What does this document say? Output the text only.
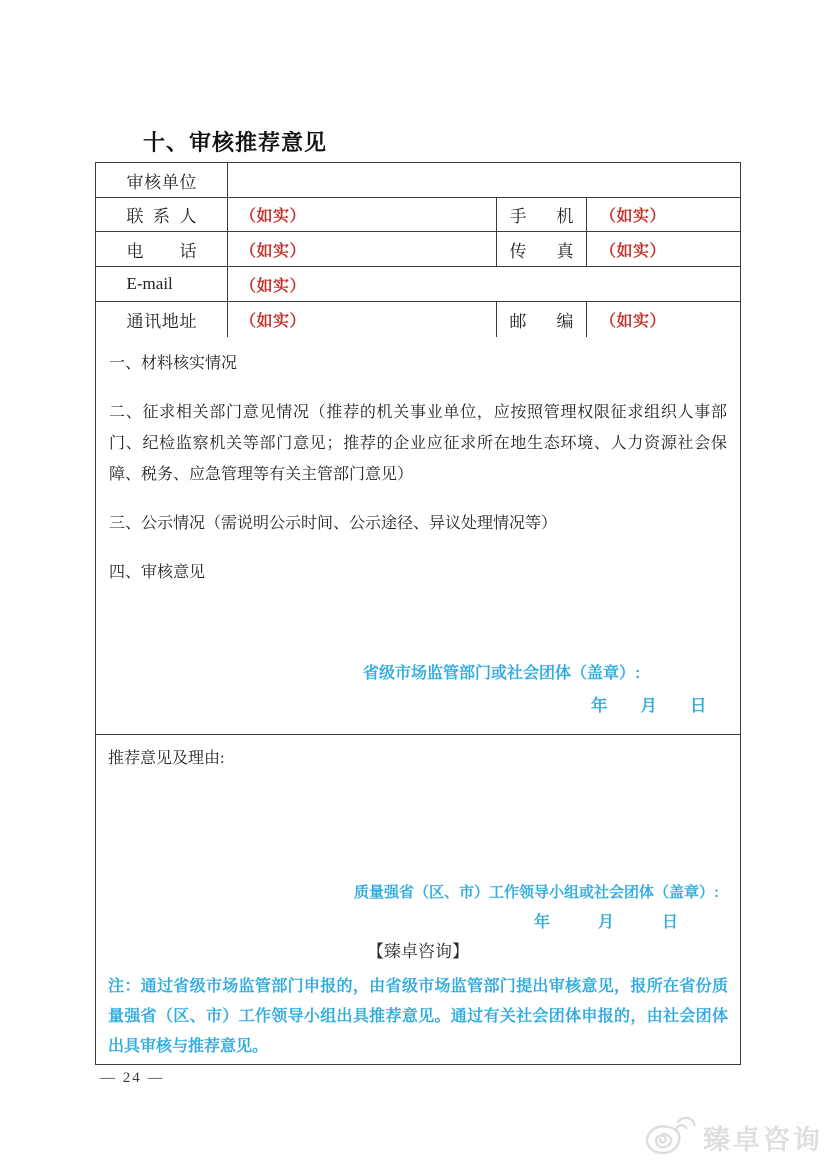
十、审核推荐意见
审核单位
联系人	（如实）	手机 （如实）
电话	（如实）	传真 （如实）
E-mail	（如实）
通讯地址	（如实）	邮编 （如实）

一、材料核实情况

二、征求相关部门意见情况（推荐的机关事业单位，应按照管理权限征求组织人事部门、纪检监察机关等部门意见；推荐的企业应征求所在地生态环境、人力资源社会保障、税务、应急管理等有关主管部门意见）

三、公示情况（需说明公示时间、公示途径、异议处理情况等）

四、审核意见

省级市场监管部门或社会团体（盖章）:

年　　月　　日

推荐意见及理由:

质量强省（区、市）工作领导小组或社会团体（盖章）:

年　　　月　　　日

【臻卓咨询】

注：通过省级市场监管部门申报的，由省级市场监管部门提出审核意见，报所在省份质量强省（区、市）工作领导小组出具推荐意见。通过有关社会团体申报的，由社会团体出具审核与推荐意见。

— 24 —
臻卓咨询
